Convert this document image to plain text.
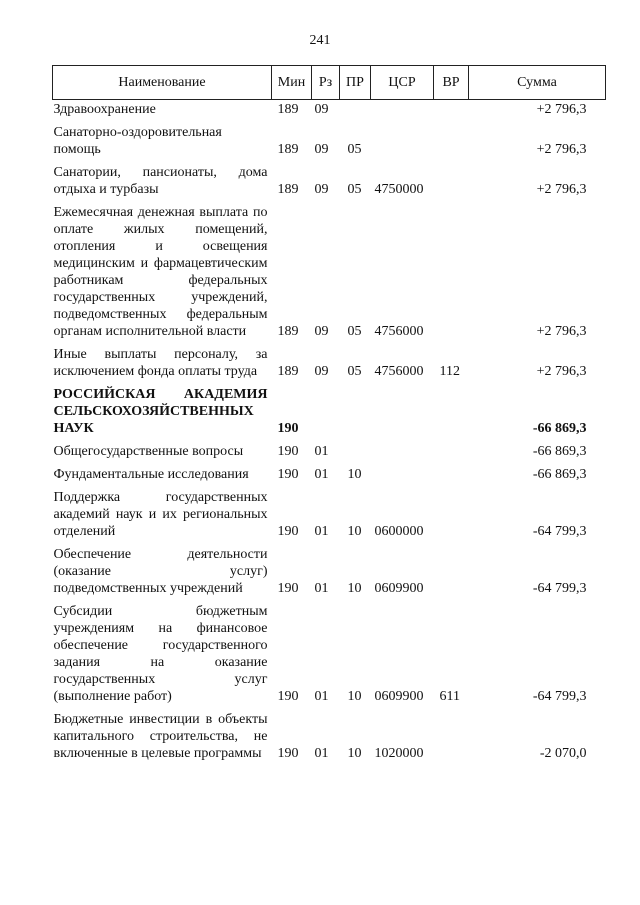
241
Наименование	Мин	Рз	ПР	ЦСР	ВР	Сумма
Здравоохранение	189	09				+2 796,3
Санаторно-оздоровительная помощь	189	09	05			+2 796,3
Санатории, пансионаты, дома отдыха и турбазы	189	09	05	4750000		+2 796,3
Ежемесячная денежная выплата по оплате жилых помещений, отопления и освещения медицинским и фармацевтическим работникам федеральных государственных учреждений, подведомственных федеральным органам исполнительной власти	189	09	05	4756000		+2 796,3
Иные выплаты персоналу, за исключением фонда оплаты труда	189	09	05	4756000	112	+2 796,3
РОССИЙСКАЯ АКАДЕМИЯ СЕЛЬСКОХОЗЯЙСТВЕННЫХ НАУК	190					-66 869,3
Общегосударственные вопросы	190	01				-66 869,3
Фундаментальные исследования	190	01	10			-66 869,3
Поддержка государственных академий наук и их региональных отделений	190	01	10	0600000		-64 799,3
Обеспечение деятельности (оказание услуг) подведомственных учреждений	190	01	10	0609900		-64 799,3
Субсидии бюджетным учреждениям на финансовое обеспечение государственного задания на оказание государственных услуг (выполнение работ)	190	01	10	0609900	611	-64 799,3
Бюджетные инвестиции в объекты капитального строительства, не включенные в целевые программы	190	01	10	1020000		-2 070,0
